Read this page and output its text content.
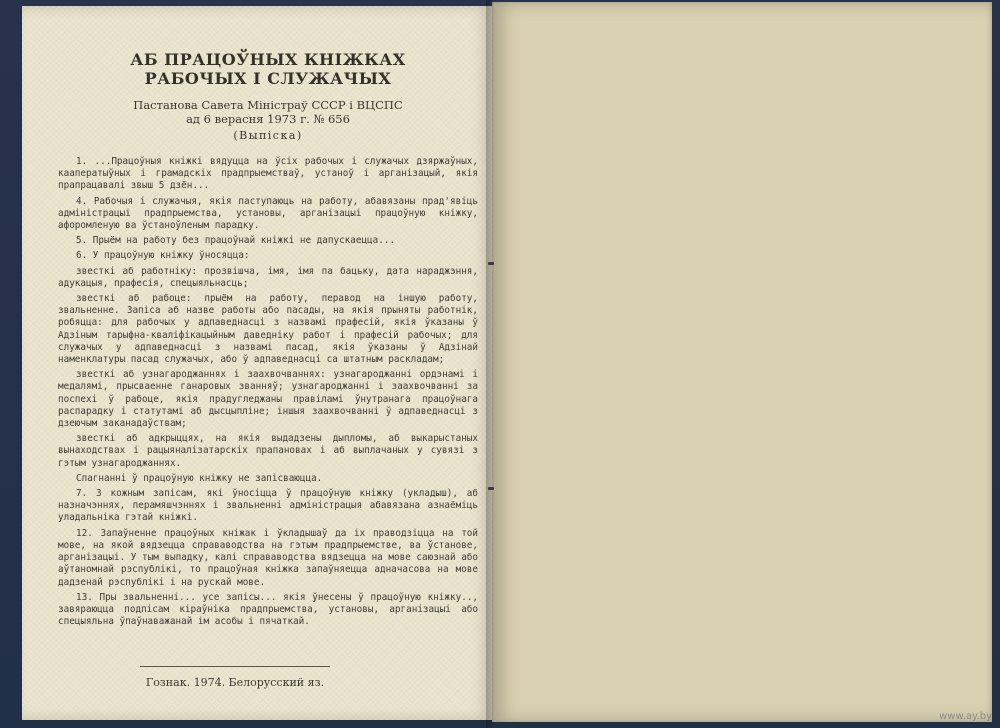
АБ ПРАЦОЎНЫХ КНІЖКАХ
РАБОЧЫХ І СЛУЖАЧЫХ
Пастанова Савета Міністраў СССР і ВЦСПС
ад 6 верасня 1973 г. № 656
(Выпіска)

1. ...Працоўныя кніжкі вядуцца на ўсіх рабочых і служачых дзяржаўных, кааператыўных і грамадскіх прадпрыемстваў, устаноў і арганізацый, якія прапрацавалі звыш 5 дзён...

4. Рабочыя і служачыя, якія паступаюць на работу, абавязаны прад'явіць адміністрацыі прадпрыемства, установы, арганізацыі працоўную кніжку, афоромленую ва ўстаноўленым парадку.

5. Прыём на работу без працоўнай кніжкі не дапускаецца...

6. У працоўную кніжку ўносяцца:

звесткі аб работніку: прозвішча, імя, імя па бацьку, дата нараджэння, адукацыя, прафесія, спецыяльнасць;

звесткі аб рабоце: прыём на работу, перавод на іншую работу, звальненне. Запіса аб назве работы або пасады, на якія прыняты работнік, робяцца: для рабочых у адпаведнасці з назвамі прафесій, якія ўказаны ў Адзіным тарыфна-кваліфікацыйным даведніку работ і прафесій рабочых; для служачых у адпаведнасці з назвамі пасад, якія ўказаны ў Адзінай наменклатуры пасад служачых, або ў адпаведнасці са штатным раскладам;

звесткі аб узнагароджаннях і заахвочваннях: узнагароджанні ордэнамі і медалямі, прысваенне ганаровых званняў; узнагароджанні і заахвочванні за поспехі ў рабоце, якія прадугледжаны правіламі ўнутранага працоўнага распарадку і статутамі аб дысцыпліне; іншыя заахвочванні ў адпаведнасці з дзеючым заканадаўствам;

звесткі аб адкрыццях, на якія выдадзены дыпломы, аб выкарыстаных вынаходствах і рацыяналізатарскіх прапановах і аб выплачаных у сувязі з гэтым узнагароджаннях.

Спагнанні ў працоўную кніжку не запісваюцца.

7. З кожным запісам, які ўносіцца ў працоўную кніжку (укладыш), аб назначэннях, перамяшчэннях і звальненні адміністрацыя абавязана азнаёміць уладальніка гэтай кніжкі.

12. Запаўненне працоўных кніжак і ўкладышаў да іх праводзіцца на той мове, на якой вядзецца справаводства на гэтым прадпрыемстве, ва ўстанове, арганізацыі. У тым выпадку, калі справаводства вядзецца на мове саюзнай або аўтаномнай рэспублікі, то працоўная кніжка запаўняецца адначасова на мове дадзенай рэспублікі і на рускай мове.

13. Пры звальненні... усе запісы... якія ўнесены ў працоўную кніжку.., завяраюцца подпісам кіраўніка прадпрыемства, установы, арганізацыі або спецыяльна ўпаўнаважанай ім асобы і пячаткай.

Гознак. 1974. Белорусский яз.
www.ay.by
